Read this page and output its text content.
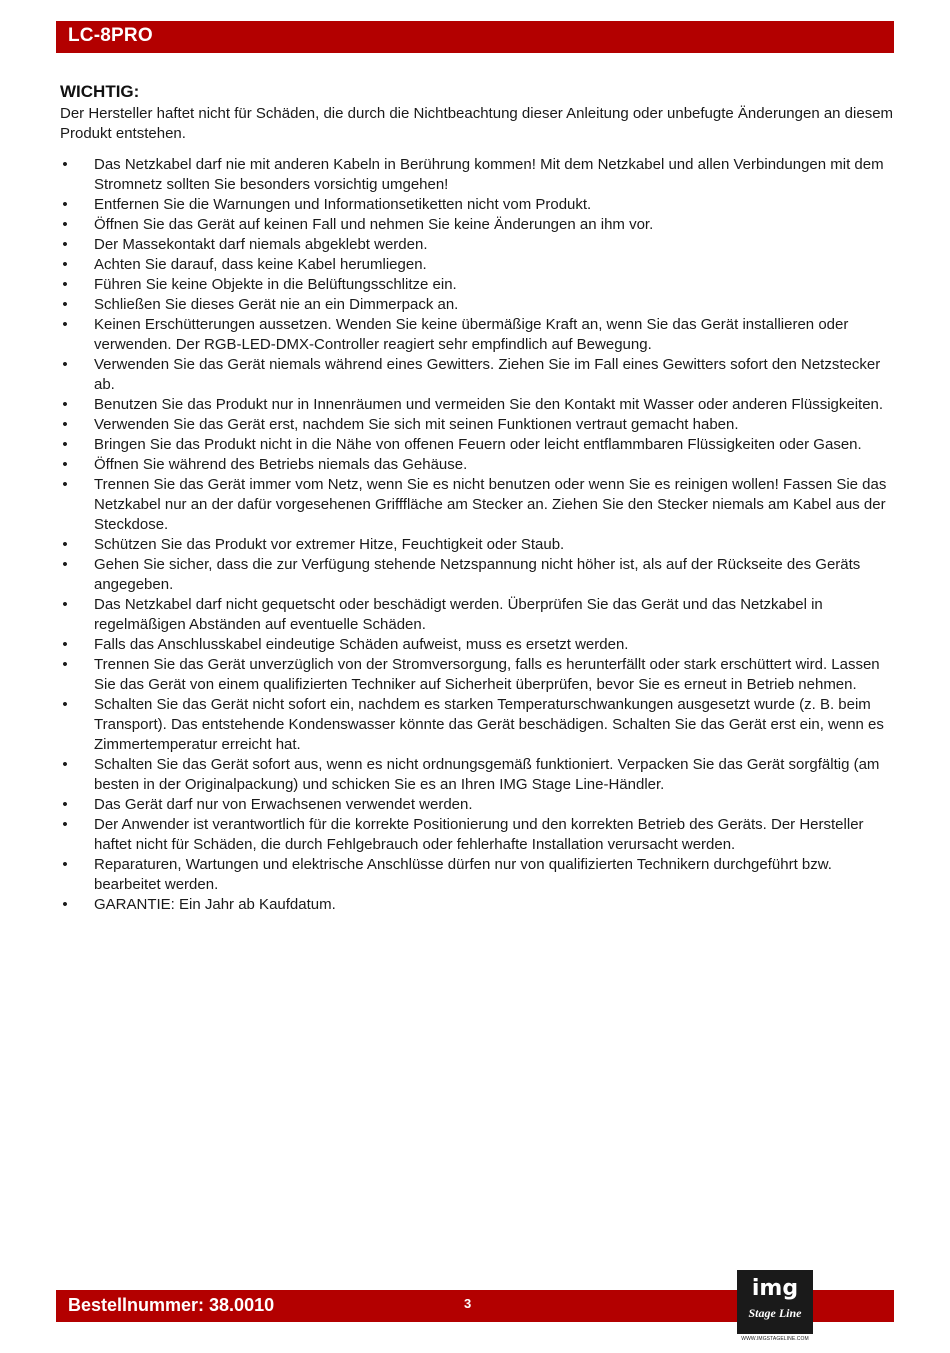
LC-8PRO
WICHTIG:

Der Hersteller haftet nicht für Schäden, die durch die Nichtbeachtung dieser Anleitung oder unbefugte Änderungen an diesem Produkt entstehen.

• Das Netzkabel darf nie mit anderen Kabeln in Berührung kommen! Mit dem Netzkabel und allen Verbindungen mit dem Stromnetz sollten Sie besonders vorsichtig umgehen!
• Entfernen Sie die Warnungen und Informationsetiketten nicht vom Produkt.
• Öffnen Sie das Gerät auf keinen Fall und nehmen Sie keine Änderungen an ihm vor.
• Der Massekontakt darf niemals abgeklebt werden.
• Achten Sie darauf, dass keine Kabel herumliegen.
• Führen Sie keine Objekte in die Belüftungsschlitze ein.
• Schließen Sie dieses Gerät nie an ein Dimmerpack an.
• Keinen Erschütterungen aussetzen. Wenden Sie keine übermäßige Kraft an, wenn Sie das Gerät installieren oder verwenden. Der RGB-LED-DMX-Controller reagiert sehr empfindlich auf Bewegung.
• Verwenden Sie das Gerät niemals während eines Gewitters. Ziehen Sie im Fall eines Gewitters sofort den Netzstecker ab.
• Benutzen Sie das Produkt nur in Innenräumen und vermeiden Sie den Kontakt mit Wasser oder anderen Flüssigkeiten.
• Verwenden Sie das Gerät erst, nachdem Sie sich mit seinen Funktionen vertraut gemacht haben.
• Bringen Sie das Produkt nicht in die Nähe von offenen Feuern oder leicht entflammbaren Flüssigkeiten oder Gasen.
• Öffnen Sie während des Betriebs niemals das Gehäuse.
• Trennen Sie das Gerät immer vom Netz, wenn Sie es nicht benutzen oder wenn Sie es reinigen wollen! Fassen Sie das Netzkabel nur an der dafür vorgesehenen Grifffläche am Stecker an. Ziehen Sie den Stecker niemals am Kabel aus der Steckdose.
• Schützen Sie das Produkt vor extremer Hitze, Feuchtigkeit oder Staub.
• Gehen Sie sicher, dass die zur Verfügung stehende Netzspannung nicht höher ist, als auf der Rückseite des Geräts angegeben.
• Das Netzkabel darf nicht gequetscht oder beschädigt werden. Überprüfen Sie das Gerät und das Netzkabel in regelmäßigen Abständen auf eventuelle Schäden.
• Falls das Anschlusskabel eindeutige Schäden aufweist, muss es ersetzt werden.
• Trennen Sie das Gerät unverzüglich von der Stromversorgung, falls es herunterfällt oder stark erschüttert wird. Lassen Sie das Gerät von einem qualifizierten Techniker auf Sicherheit überprüfen, bevor Sie es erneut in Betrieb nehmen.
• Schalten Sie das Gerät nicht sofort ein, nachdem es starken Temperaturschwankungen ausgesetzt wurde (z. B. beim Transport). Das entstehende Kondenswasser könnte das Gerät beschädigen. Schalten Sie das Gerät erst ein, wenn es Zimmertemperatur erreicht hat.
• Schalten Sie das Gerät sofort aus, wenn es nicht ordnungsgemäß funktioniert. Verpacken Sie das Gerät sorgfältig (am besten in der Originalpackung) und schicken Sie es an Ihren IMG Stage Line-Händler.
• Das Gerät darf nur von Erwachsenen verwendet werden.
• Der Anwender ist verantwortlich für die korrekte Positionierung und den korrekten Betrieb des Geräts. Der Hersteller haftet nicht für Schäden, die durch Fehlgebrauch oder fehlerhafte Installation verursacht werden.
• Reparaturen, Wartungen und elektrische Anschlüsse dürfen nur von qualifizierten Technikern durchgeführt bzw. bearbeitet werden.
• GARANTIE: Ein Jahr ab Kaufdatum.
Bestellnummer: 38.0010	3
img
Stage Line
WWW.IMGSTAGELINE.COM
